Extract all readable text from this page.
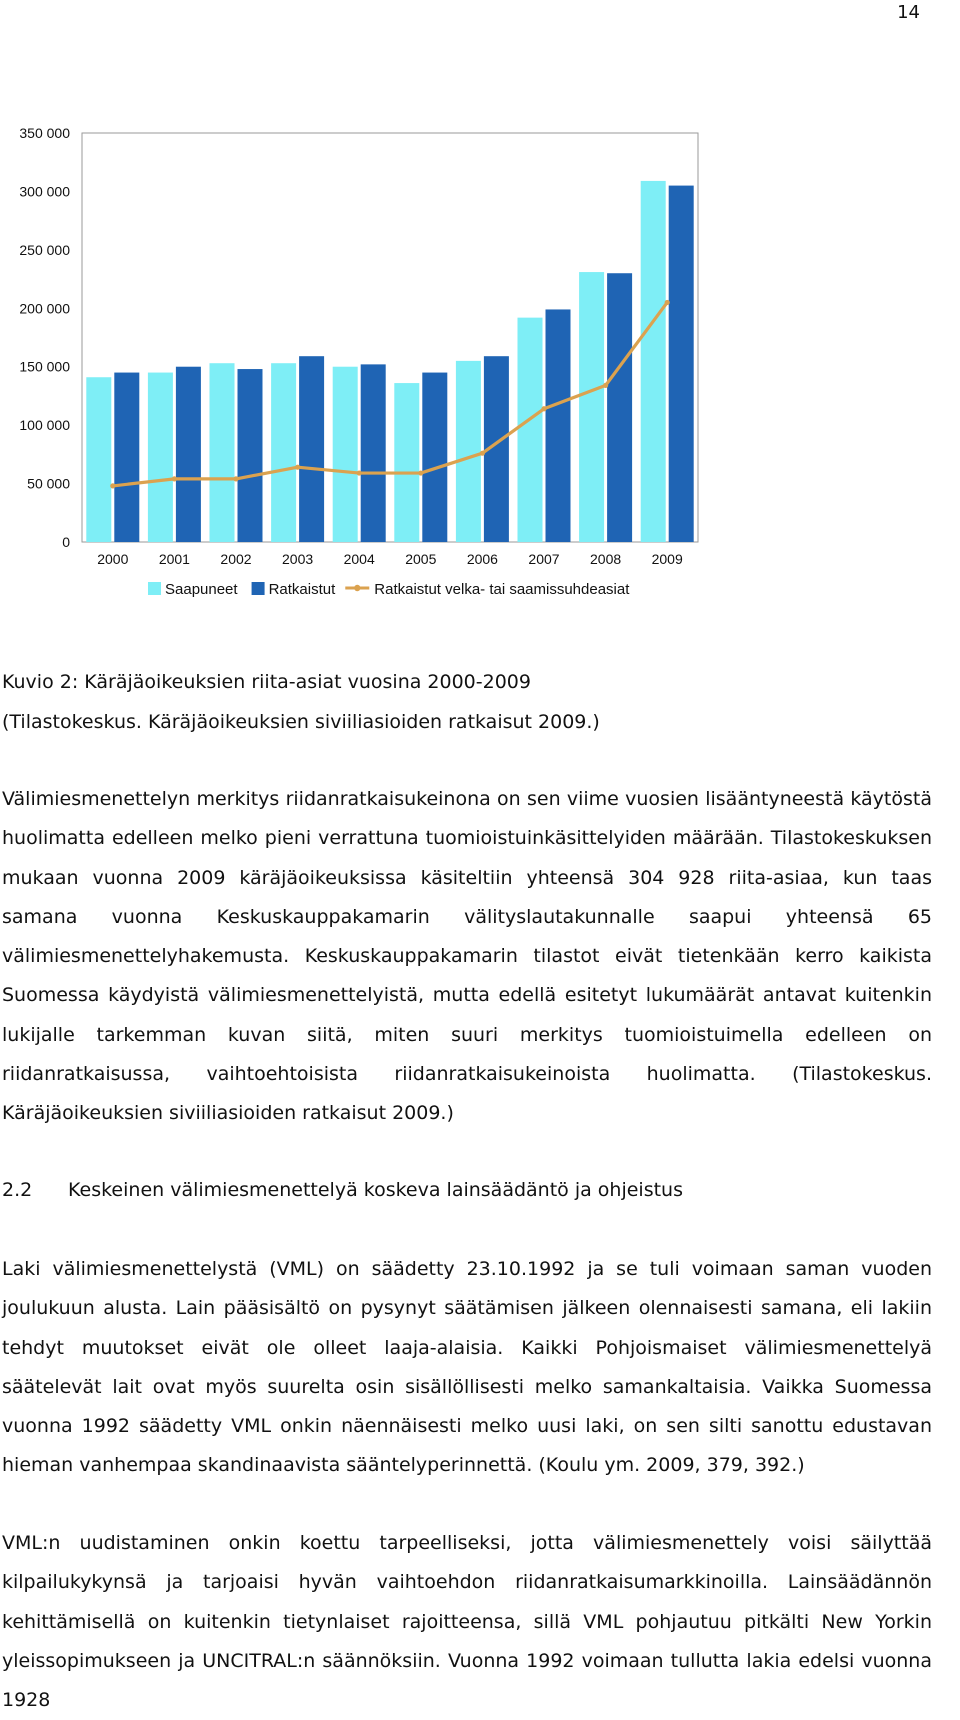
14
0
50 000
100 000
150 000
200 000
250 000
300 000
350 000
2000 2001 2002 2003 2004 2005 2006 2007 2008 2009
Saapuneet Ratkaistut	Ratkaistut velka- tai saamissuhdeasiat

Kuvio 2: Käräjäoikeuksien riita-asiat vuosina 2000-2009
(Tilastokeskus. Käräjäoikeuksien siviiliasioiden ratkaisut 2009.)

Välimiesmenettelyn merkitys riidanratkaisukeinona on sen viime vuosien lisääntyneestä käytöstä huolimatta edelleen melko pieni verrattuna tuomioistuinkäsittelyiden määrään. Tilastokeskuksen mukaan vuonna 2009 käräjäoikeuksissa käsiteltiin yhteensä 304 928 riita-asiaa, kun taas samana vuonna Keskuskauppakamarin välityslautakunnalle saapui yhteensä 65 välimiesmenettelyhakemusta. Keskuskauppakamarin tilastot eivät tietenkään kerro kaikista Suomessa käydyistä välimiesmenettelyistä, mutta edellä esitetyt lukumäärät antavat kuitenkin lukijalle tarkemman kuvan siitä, miten suuri merkitys tuomioistuimella edelleen on riidanratkaisussa, vaihtoehtoisista riidanratkaisukeinoista huolimatta. (Tilastokeskus. Käräjäoikeuksien siviiliasioiden ratkaisut 2009.)

2.2 Keskeinen välimiesmenettelyä koskeva lainsäädäntö ja ohjeistus

Laki välimiesmenettelystä (VML) on säädetty 23.10.1992 ja se tuli voimaan saman vuoden joulukuun alusta. Lain pääsisältö on pysynyt säätämisen jälkeen olennaisesti samana, eli lakiin tehdyt muutokset eivät ole olleet laaja-alaisia. Kaikki Pohjoismaiset välimiesmenettelyä säätelevät lait ovat myös suurelta osin sisällöllisesti melko samankaltaisia. Vaikka Suomessa vuonna 1992 säädetty VML onkin näennäisesti melko uusi laki, on sen silti sanottu edustavan hieman vanhempaa skandinaavista sääntelyperinnettä. (Koulu ym. 2009, 379, 392.)

VML:n uudistaminen onkin koettu tarpeelliseksi, jotta välimiesmenettely voisi säilyttää kilpailukykynsä ja tarjoaisi hyvän vaihtoehdon riidanratkaisumarkkinoilla. Lainsäädännön kehittämisellä on kuitenkin tietynlaiset rajoitteensa, sillä VML pohjautuu pitkälti New Yorkin yleissopimukseen ja UNCITRAL:n säännöksiin. Vuonna 1992 voimaan tullutta lakia edelsi vuonna 1928
